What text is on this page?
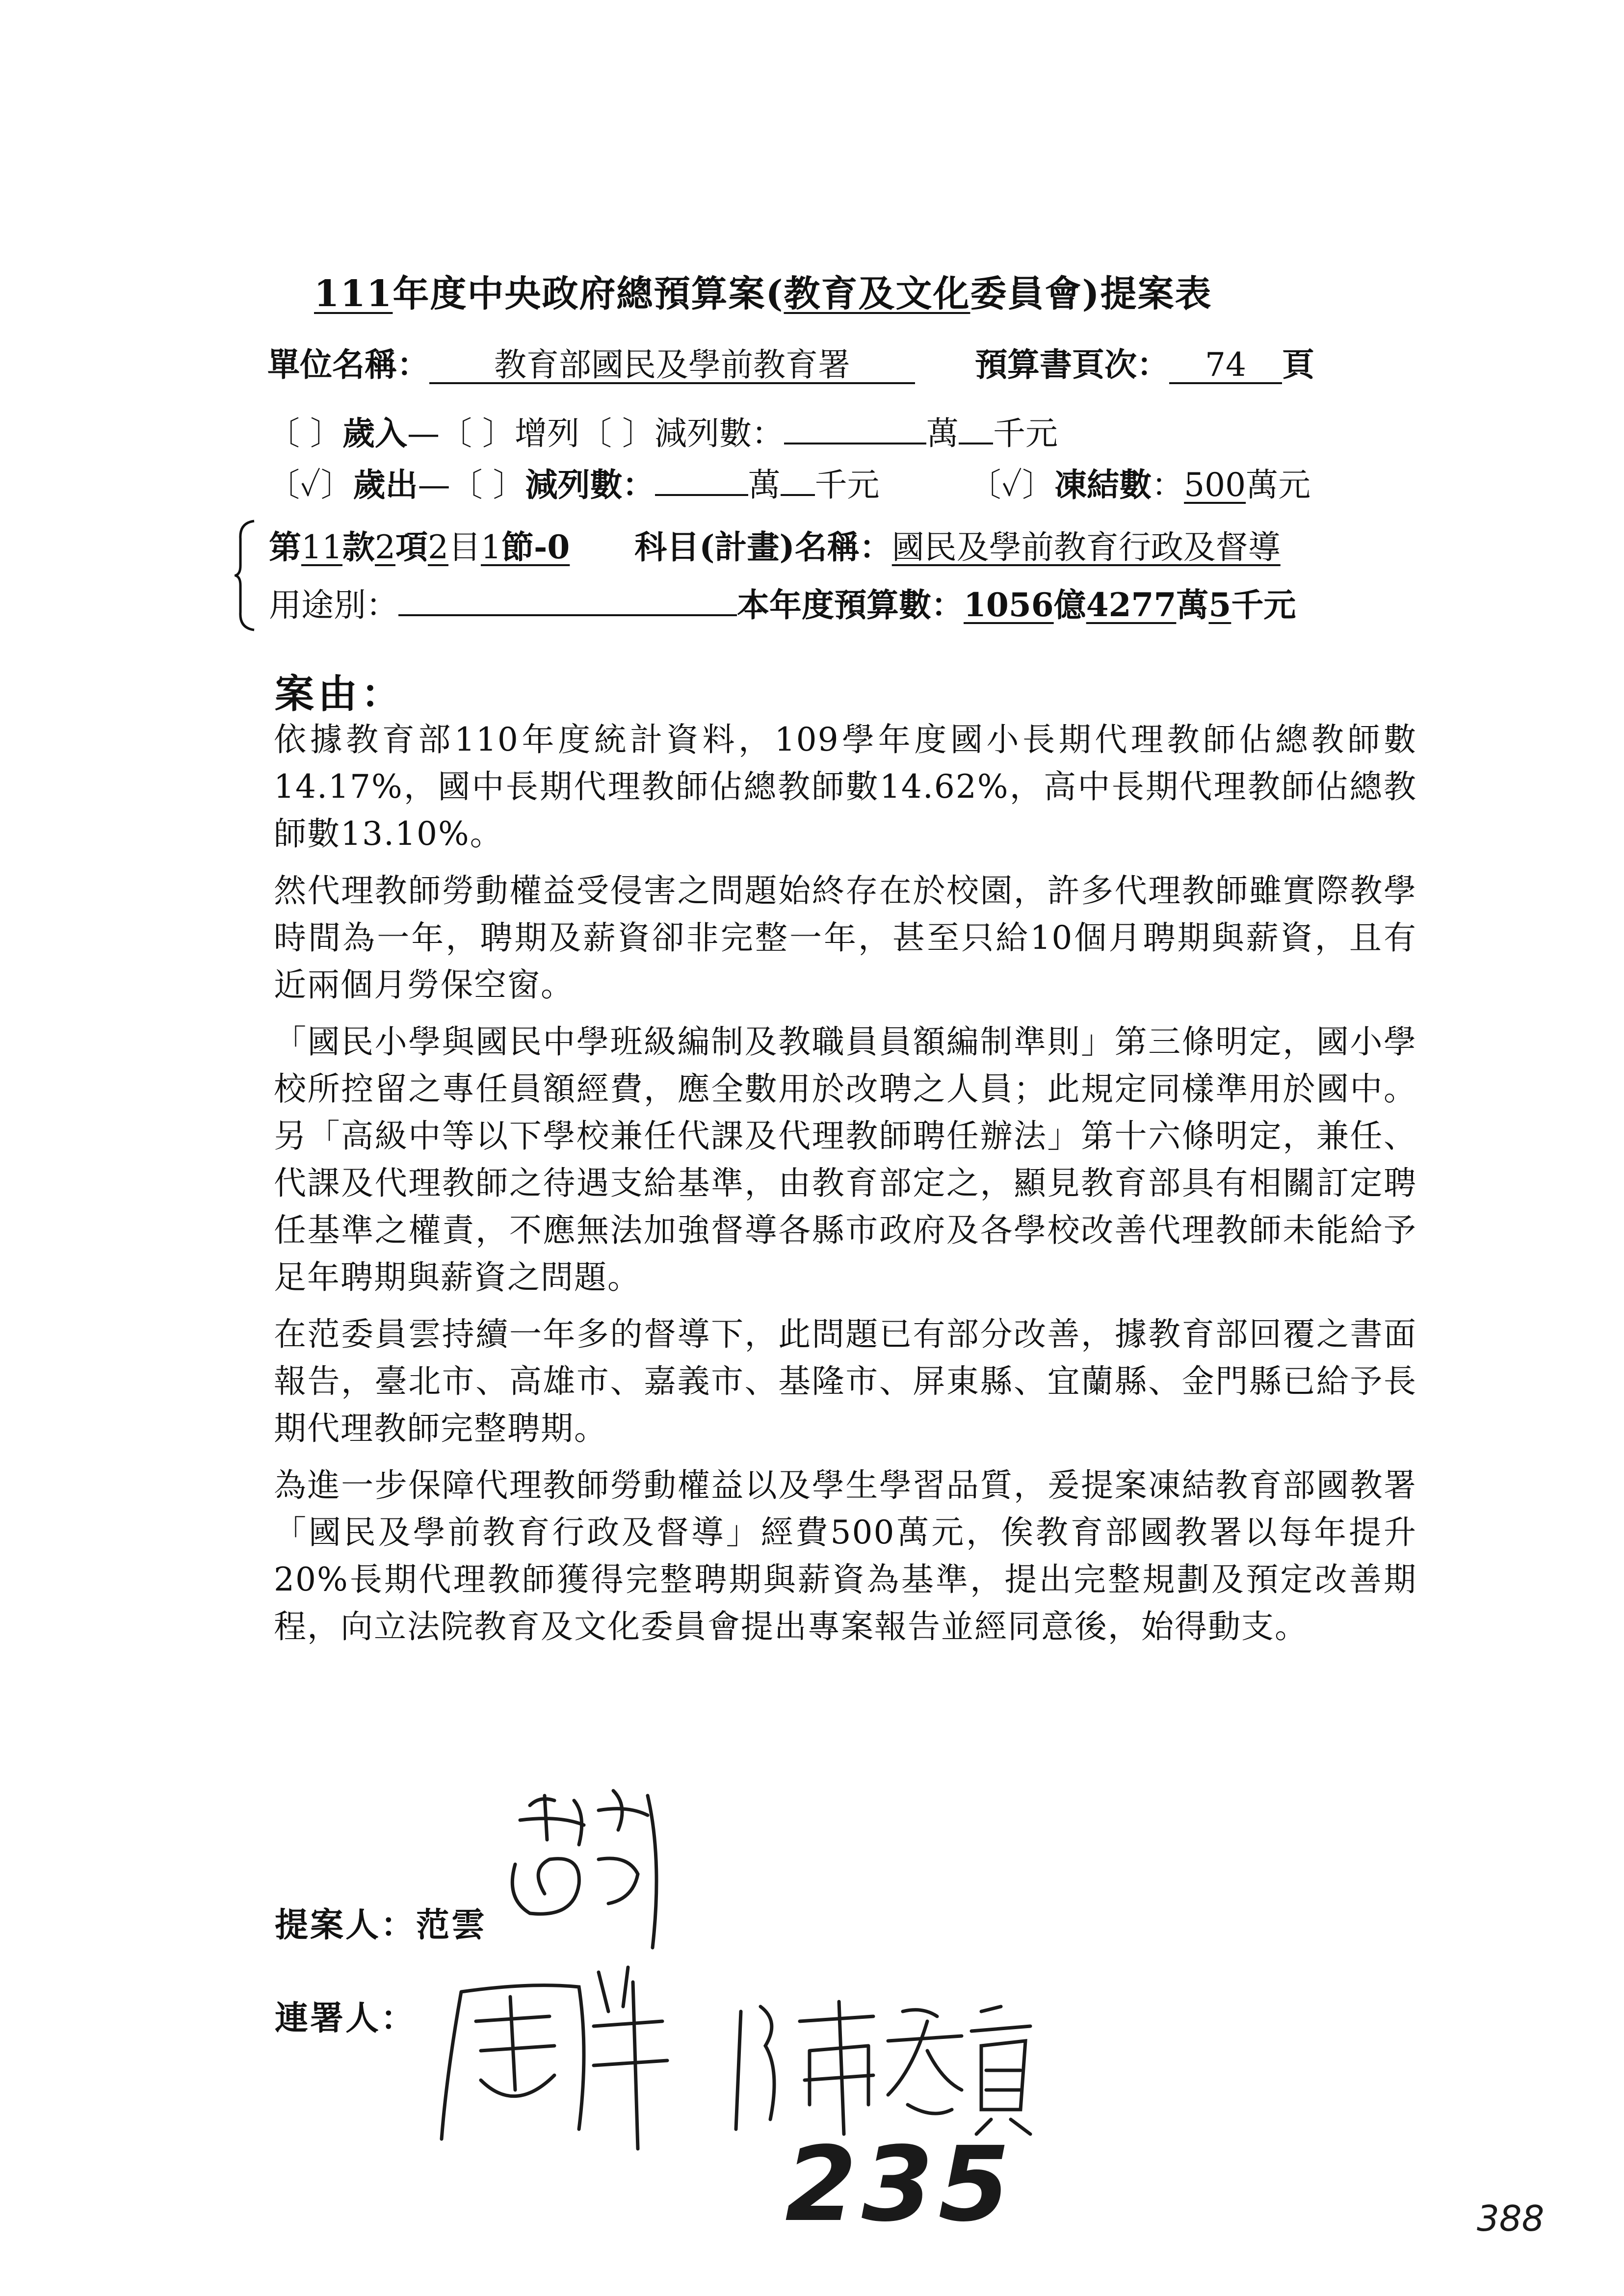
111年度中央政府總預算案(教育及文化委員會)提案表
單位名稱： 教育部國民及學前教育署	預算書頁次： 74 頁
〔 〕歲入—〔 〕增列〔 〕減列數：	萬 千元
〔✓〕歲出—〔 〕減列數：	萬 千元	〔✓〕凍結數：500萬元
第11款2項2目1節-0 科目(計畫)名稱：國民及學前教育行政及督導
用途別：	本年度預算數：1056億4277萬5千元
案由：

依據教育部110年度統計資料，109學年度國小長期代理教師佔總教師數14.17%，國中長期代理教師佔總教師數14.62%，高中長期代理教師佔總教師數13.10%。

然代理教師勞動權益受侵害之問題始終存在於校園，許多代理教師雖實際教學時間為一年，聘期及薪資卻非完整一年，甚至只給10個月聘期與薪資，且有近兩個月勞保空窗。

「國民小學與國民中學班級編制及教職員員額編制準則」第三條明定，國小學校所控留之專任員額經費，應全數用於改聘之人員；此規定同樣準用於國中。另「高級中等以下學校兼任代課及代理教師聘任辦法」第十六條明定，兼任、代課及代理教師之待遇支給基準，由教育部定之，顯見教育部具有相關訂定聘任基準之權責，不應無法加強督導各縣市政府及各學校改善代理教師未能給予足年聘期與薪資之問題。

在范委員雲持續一年多的督導下，此問題已有部分改善，據教育部回覆之書面報告，臺北市、高雄市、嘉義市、基隆市、屏東縣、宜蘭縣、金門縣已給予長期代理教師完整聘期。

為進一步保障代理教師勞動權益以及學生學習品質，爰提案凍結教育部國教署「國民及學前教育行政及督導」經費500萬元，俟教育部國教署以每年提升20%長期代理教師獲得完整聘期與薪資為基準，提出完整規劃及預定改善期程，向立法院教育及文化委員會提出專案報告並經同意後，始得動支。

提案人：范雲
連署人：
235	388
